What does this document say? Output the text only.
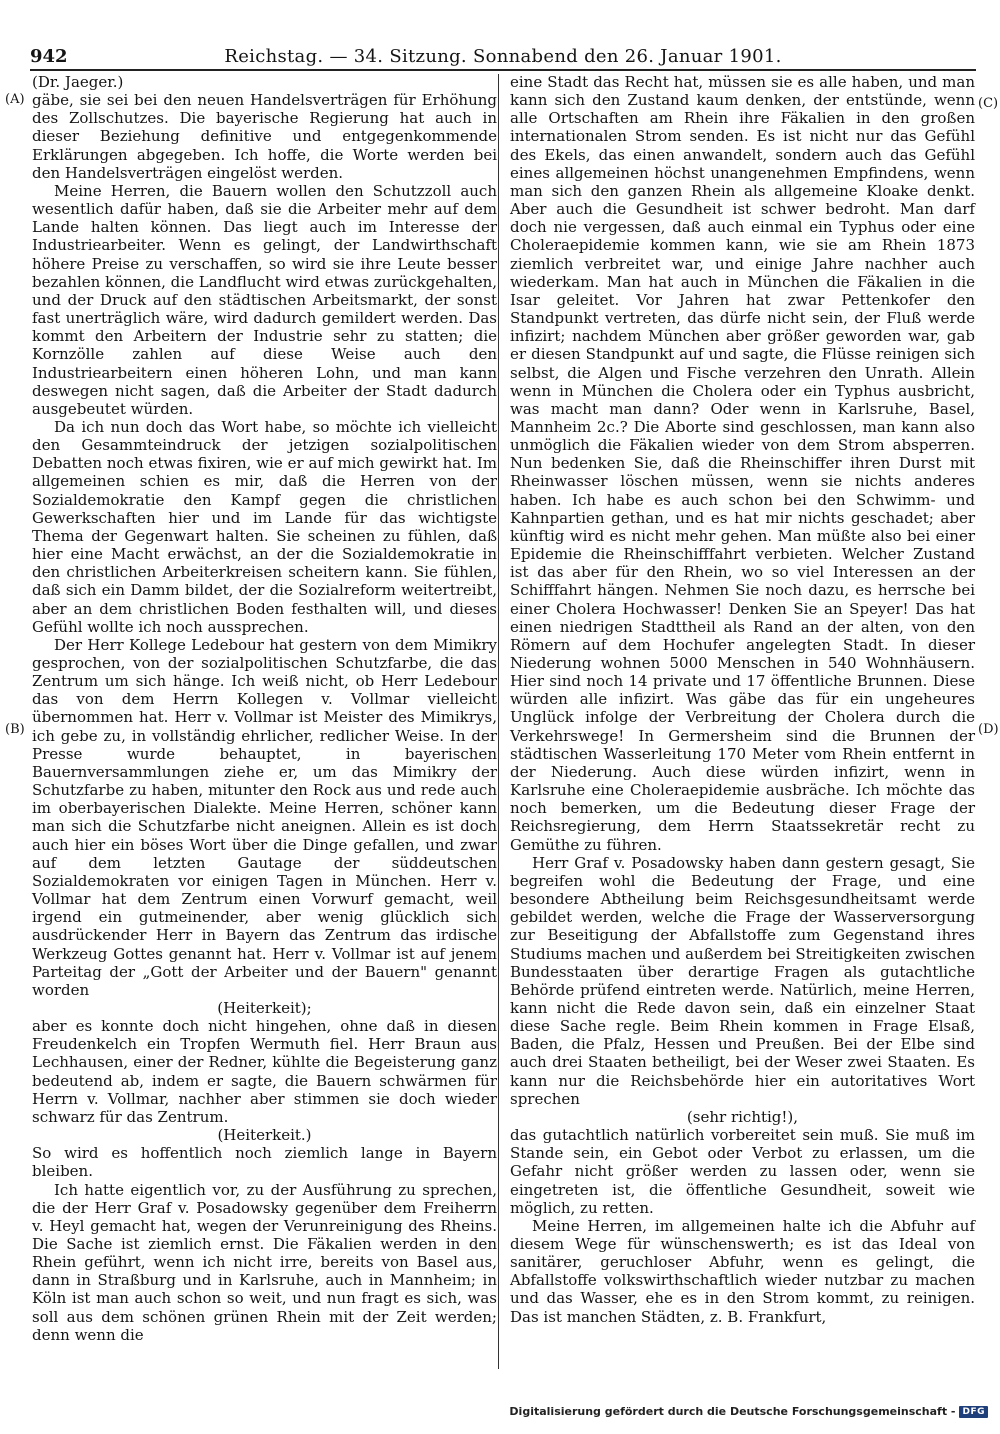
942	Reichstag. — 34. Sitzung. Sonnabend den 26. Januar 1901.
(A)
(B)
(C)
(D)

(Dr. Jaeger.)

gäbe, sie sei bei den neuen Handelsverträgen für Erhöhung des Zollschutzes. Die bayerische Regierung hat auch in dieser Beziehung definitive und entgegenkommende Erklärungen abgegeben. Ich hoffe, die Worte werden bei den Handelsverträgen eingelöst werden.

Meine Herren, die Bauern wollen den Schutzzoll auch wesentlich dafür haben, daß sie die Arbeiter mehr auf dem Lande halten können. Das liegt auch im Interesse der Industriearbeiter. Wenn es gelingt, der Landwirthschaft höhere Preise zu verschaffen, so wird sie ihre Leute besser bezahlen können, die Landflucht wird etwas zurückgehalten, und der Druck auf den städtischen Arbeitsmarkt, der sonst fast unerträglich wäre, wird dadurch gemildert werden. Das kommt den Arbeitern der Industrie sehr zu statten; die Kornzölle zahlen auf diese Weise auch den Industriearbeitern einen höheren Lohn, und man kann deswegen nicht sagen, daß die Arbeiter der Stadt dadurch ausgebeutet würden.

Da ich nun doch das Wort habe, so möchte ich vielleicht den Gesammteindruck der jetzigen sozialpolitischen Debatten noch etwas fixiren, wie er auf mich gewirkt hat. Im allgemeinen schien es mir, daß die Herren von der Sozialdemokratie den Kampf gegen die christlichen Gewerkschaften hier und im Lande für das wichtigste Thema der Gegenwart halten. Sie scheinen zu fühlen, daß hier eine Macht erwächst, an der die Sozialdemokratie in den christlichen Arbeiterkreisen scheitern kann. Sie fühlen, daß sich ein Damm bildet, der die Sozialreform weitertreibt, aber an dem christlichen Boden festhalten will, und dieses Gefühl wollte ich noch aussprechen.

Der Herr Kollege Ledebour hat gestern von dem Mimikry gesprochen, von der sozialpolitischen Schutzfarbe, die das Zentrum um sich hänge. Ich weiß nicht, ob Herr Ledebour das von dem Herrn Kollegen v. Vollmar vielleicht übernommen hat. Herr v. Vollmar ist Meister des Mimikrys, ich gebe zu, in vollständig ehrlicher, redlicher Weise. In der Presse wurde behauptet, in bayerischen Bauernversammlungen ziehe er, um das Mimikry der Schutzfarbe zu haben, mitunter den Rock aus und rede auch im oberbayerischen Dialekte. Meine Herren, schöner kann man sich die Schutzfarbe nicht aneignen. Allein es ist doch auch hier ein böses Wort über die Dinge gefallen, und zwar auf dem letzten Gautage der süddeutschen Sozialdemokraten vor einigen Tagen in München. Herr v. Vollmar hat dem Zentrum einen Vorwurf gemacht, weil irgend ein gutmeinender, aber wenig glücklich sich ausdrückender Herr in Bayern das Zentrum das irdische Werkzeug Gottes genannt hat. Herr v. Vollmar ist auf jenem Parteitag der „Gott der Arbeiter und der Bauern" genannt worden

(Heiterkeit);

aber es konnte doch nicht hingehen, ohne daß in diesen Freudenkelch ein Tropfen Wermuth fiel. Herr Braun aus Lechhausen, einer der Redner, kühlte die Begeisterung ganz bedeutend ab, indem er sagte, die Bauern schwärmen für Herrn v. Vollmar, nachher aber stimmen sie doch wieder schwarz für das Zentrum.

(Heiterkeit.)

So wird es hoffentlich noch ziemlich lange in Bayern bleiben.

Ich hatte eigentlich vor, zu der Ausführung zu sprechen, die der Herr Graf v. Posadowsky gegenüber dem Freiherrn v. Heyl gemacht hat, wegen der Verunreinigung des Rheins. Die Sache ist ziemlich ernst. Die Fäkalien werden in den Rhein geführt, wenn ich nicht irre, bereits von Basel aus, dann in Straßburg und in Karlsruhe, auch in Mannheim; in Köln ist man auch schon so weit, und nun fragt es sich, was soll aus dem schönen grünen Rhein mit der Zeit werden; denn wenn die

eine Stadt das Recht hat, müssen sie es alle haben, und man kann sich den Zustand kaum denken, der entstünde, wenn alle Ortschaften am Rhein ihre Fäkalien in den großen internationalen Strom senden. Es ist nicht nur das Gefühl des Ekels, das einen anwandelt, sondern auch das Gefühl eines allgemeinen höchst unangenehmen Empfindens, wenn man sich den ganzen Rhein als allgemeine Kloake denkt. Aber auch die Gesundheit ist schwer bedroht. Man darf doch nie vergessen, daß auch einmal ein Typhus oder eine Choleraepidemie kommen kann, wie sie am Rhein 1873 ziemlich verbreitet war, und einige Jahre nachher auch wiederkam. Man hat auch in München die Fäkalien in die Isar geleitet. Vor Jahren hat zwar Pettenkofer den Standpunkt vertreten, das dürfe nicht sein, der Fluß werde infizirt; nachdem München aber größer geworden war, gab er diesen Standpunkt auf und sagte, die Flüsse reinigen sich selbst, die Algen und Fische verzehren den Unrath. Allein wenn in München die Cholera oder ein Typhus ausbricht, was macht man dann? Oder wenn in Karlsruhe, Basel, Mannheim 2c.? Die Aborte sind geschlossen, man kann also unmöglich die Fäkalien wieder von dem Strom absperren. Nun bedenken Sie, daß die Rheinschiffer ihren Durst mit Rheinwasser löschen müssen, wenn sie nichts anderes haben. Ich habe es auch schon bei den Schwimm- und Kahnpartien gethan, und es hat mir nichts geschadet; aber künftig wird es nicht mehr gehen. Man müßte also bei einer Epidemie die Rheinschifffahrt verbieten. Welcher Zustand ist das aber für den Rhein, wo so viel Interessen an der Schifffahrt hängen. Nehmen Sie noch dazu, es herrsche bei einer Cholera Hochwasser! Denken Sie an Speyer! Das hat einen niedrigen Stadttheil als Rand an der alten, von den Römern auf dem Hochufer angelegten Stadt. In dieser Niederung wohnen 5000 Menschen in 540 Wohnhäusern. Hier sind noch 14 private und 17 öffentliche Brunnen. Diese würden alle infizirt. Was gäbe das für ein ungeheures Unglück infolge der Verbreitung der Cholera durch die Verkehrswege! In Germersheim sind die Brunnen der städtischen Wasserleitung 170 Meter vom Rhein entfernt in der Niederung. Auch diese würden infizirt, wenn in Karlsruhe eine Choleraepidemie ausbräche. Ich möchte das noch bemerken, um die Bedeutung dieser Frage der Reichsregierung, dem Herrn Staatssekretär recht zu Gemüthe zu führen.

Herr Graf v. Posadowsky haben dann gestern gesagt, Sie begreifen wohl die Bedeutung der Frage, und eine besondere Abtheilung beim Reichsgesundheitsamt werde gebildet werden, welche die Frage der Wasserversorgung zur Beseitigung der Abfallstoffe zum Gegenstand ihres Studiums machen und außerdem bei Streitigkeiten zwischen Bundesstaaten über derartige Fragen als gutachtliche Behörde prüfend eintreten werde. Natürlich, meine Herren, kann nicht die Rede davon sein, daß ein einzelner Staat diese Sache regle. Beim Rhein kommen in Frage Elsaß, Baden, die Pfalz, Hessen und Preußen. Bei der Elbe sind auch drei Staaten betheiligt, bei der Weser zwei Staaten. Es kann nur die Reichsbehörde hier ein autoritatives Wort sprechen

(sehr richtig!),

das gutachtlich natürlich vorbereitet sein muß. Sie muß im Stande sein, ein Gebot oder Verbot zu erlassen, um die Gefahr nicht größer werden zu lassen oder, wenn sie eingetreten ist, die öffentliche Gesundheit, soweit wie möglich, zu retten.

Meine Herren, im allgemeinen halte ich die Abfuhr auf diesem Wege für wünschenswerth; es ist das Ideal von sanitärer, geruchloser Abfuhr, wenn es gelingt, die Abfallstoffe volkswirthschaftlich wieder nutzbar zu machen und das Wasser, ehe es in den Strom kommt, zu reinigen. Das ist manchen Städten, z. B. Frankfurt,

Digitalisierung gefördert durch die Deutsche Forschungsgemeinschaft - DFG
